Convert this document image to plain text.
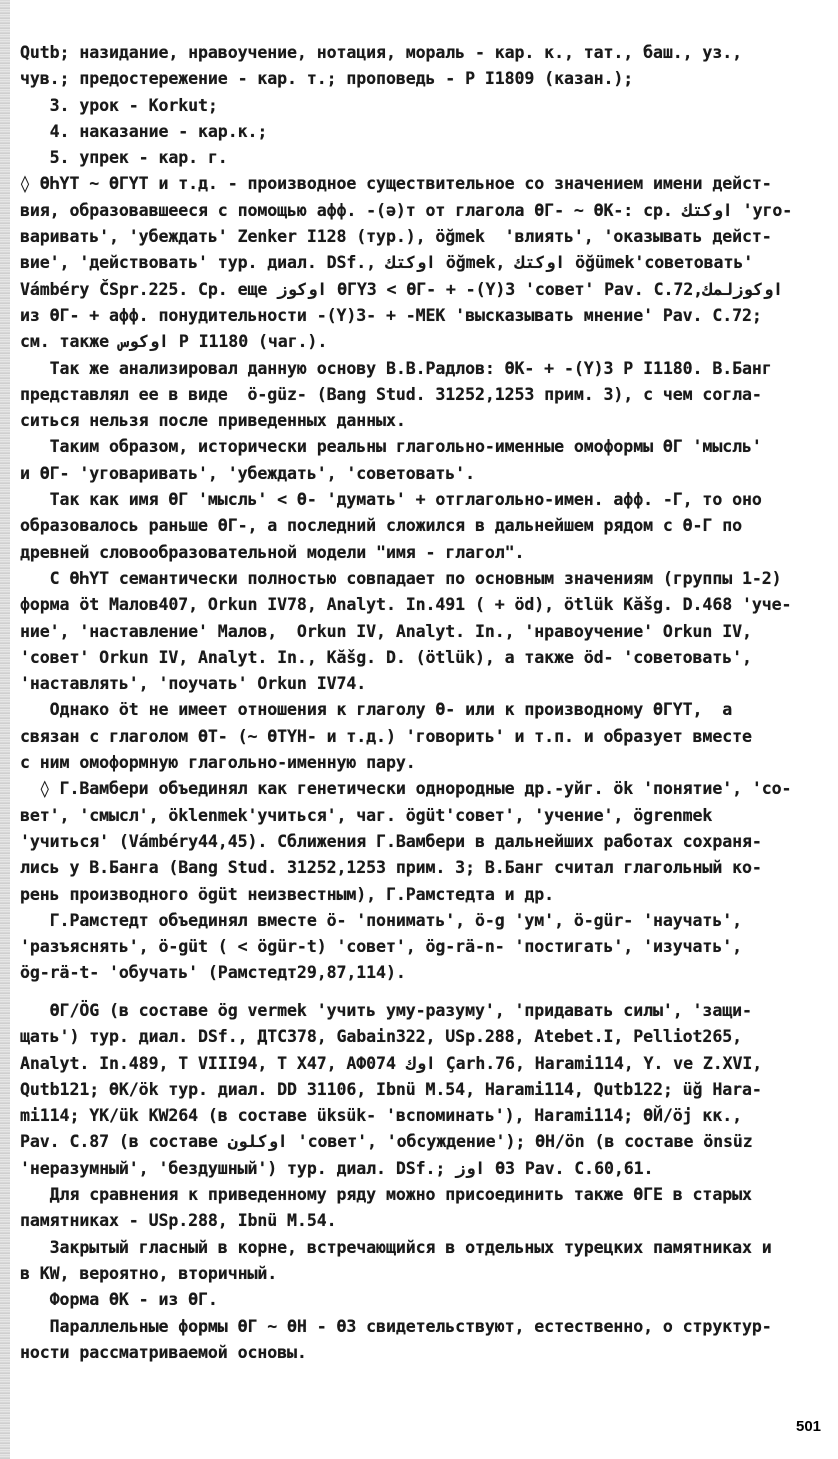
Qutb; назидание, нравоучение, нотация, мораль - кар. к., тат., баш., уз.,
чув.; предостережение - кар. т.; проповедь - Р I1809 (казан.);
3. урок - Korkut;
4. наказание - кар.к.;
5. упрек - кар. г.
◊ ӨҺҮТ ~ ӨГҮТ и т.д. - производное существительное со значением имени дейст-
вия, образовавшееся с помощью афф. -(ə)т от глагола ӨГ- ~ ӨК-: ср. ‫اوكتك‬ 'уго-
варивать', 'убеждать' Zenker I128 (тур.), öğmek  'влиять', 'оказывать дейст-
вие', 'действовать' тур. диал. DSf., ‫اوكتك‬ öğmek, ‫اوكتك‬ öğümek'советовать'
Vámbéry ČSpr.225. Ср. еще ‫اوكوز‬ ӨГҮЗ < ӨГ- + -(Ү)З 'совет' Pav. C.72,‫اوكوزلمك‬
из ӨГ- + афф. понудительности -(Ү)З- + -МЕК 'высказывать мнение' Pav. C.72;
см. также ‫اوكوس‬ Р I1180 (чаг.).
Так же анализировал данную основу В.В.Радлов: ӨК- + -(Ү)З Р I1180. В.Банг
представлял ее в виде  ö-güz- (Bang Stud. 31252,1253 прим. 3), с чем согла-
ситься нельзя после приведенных данных.
Таким образом, исторически реальны глагольно-именные омоформы ӨГ 'мысль'
и ӨГ- 'уговаривать', 'убеждать', 'советовать'.
Так как имя ӨГ 'мысль' < Ө- 'думать' + отглагольно-имен. афф. -Г, то оно
образовалось раньше ӨГ-, а последний сложился в дальнейшем рядом с Ө-Г по
древней словообразовательной модели "имя - глагол".
С ӨҺҮТ семантически полностью совпадает по основным значениям (группы 1-2)
форма öt Малов407, Orkun IV78, Analyt. In.491 ( + öd), ötlük Kăšg. D.468 'уче-
ние', 'наставление' Малов,  Orkun IV, Analyt. In., 'нравоучение' Orkun IV,
'совет' Orkun IV, Analyt. In., Kăšg. D. (ötlük), а также öd- 'советовать',
'наставлять', 'поучать' Orkun IV74.
Однако öt не имеет отношения к глаголу Ө- или к производному ӨГҮТ,  а
связан с глаголом ӨТ- (~ ӨТҮН- и т.д.) 'говорить' и т.п. и образует вместе
с ним омоформную глагольно-именную пару.
◊ Г.Вамбери объединял как генетически однородные др.-уйг. ök 'понятие', 'со-
вет', 'смысл', öklenmek'учиться', чаг. ögüt'совет', 'учение', ögrenmek
'учиться' (Vámbéry44,45). Сближения Г.Вамбери в дальнейших работах сохраня-
лись у В.Банга (Bang Stud. 31252,1253 прим. 3; В.Банг считал глагольный ко-
рень производного ögüt неизвестным), Г.Рамстедта и др.
Г.Рамстедт объединял вместе ö- 'понимать', ö-g 'ум', ö-gür- 'научать',
'разъяснять', ö-güt ( < ögür-t) 'совет', ög-rä-n- 'постигать', 'изучать',
ög-rä-t- 'обучать' (Рамстедт29,87,114).
ӨГ/ÖG (в составе ög vermek 'учить уму-разуму', 'придавать силы', 'защи-
щать') тур. диал. DSf., ДТС378, Gabain322, USp.288, Atebet.I, Pelliot265,
Analyt. In.489, T VIII94, T X47, АФ074 ‫اوك‬ Çarh.76, Harami114, Y. ve Z.XVI,
Qutb121; ӨК/ök тур. диал. DD 31106, Ibnü M.54, Harami114, Qutb122; üğ Hara-
mi114; ҮК/ük KW264 (в составе üksük- 'вспоминать'), Harami114; ӨЙ/öj кк.,
Pav. C.87 (в составе ‫اوكلون‬ 'совет', 'обсуждение'); ӨН/ön (в составе önsüz
'неразумный', 'бездушный') тур. диал. DSf.; ‫اوز‬ ӨЗ Pav. C.60,61.
Для сравнения к приведенному ряду можно присоединить также ӨГЕ в старых
памятниках - USp.288, Ibnü M.54.
Закрытый гласный в корне, встречающийся в отдельных турецких памятниках и
в KW, вероятно, вторичный.
Форма ӨК - из ӨГ.
Параллельные формы ӨГ ~ ӨН - ӨЗ свидетельствуют, естественно, о структур-
ности рассматриваемой основы.
501
